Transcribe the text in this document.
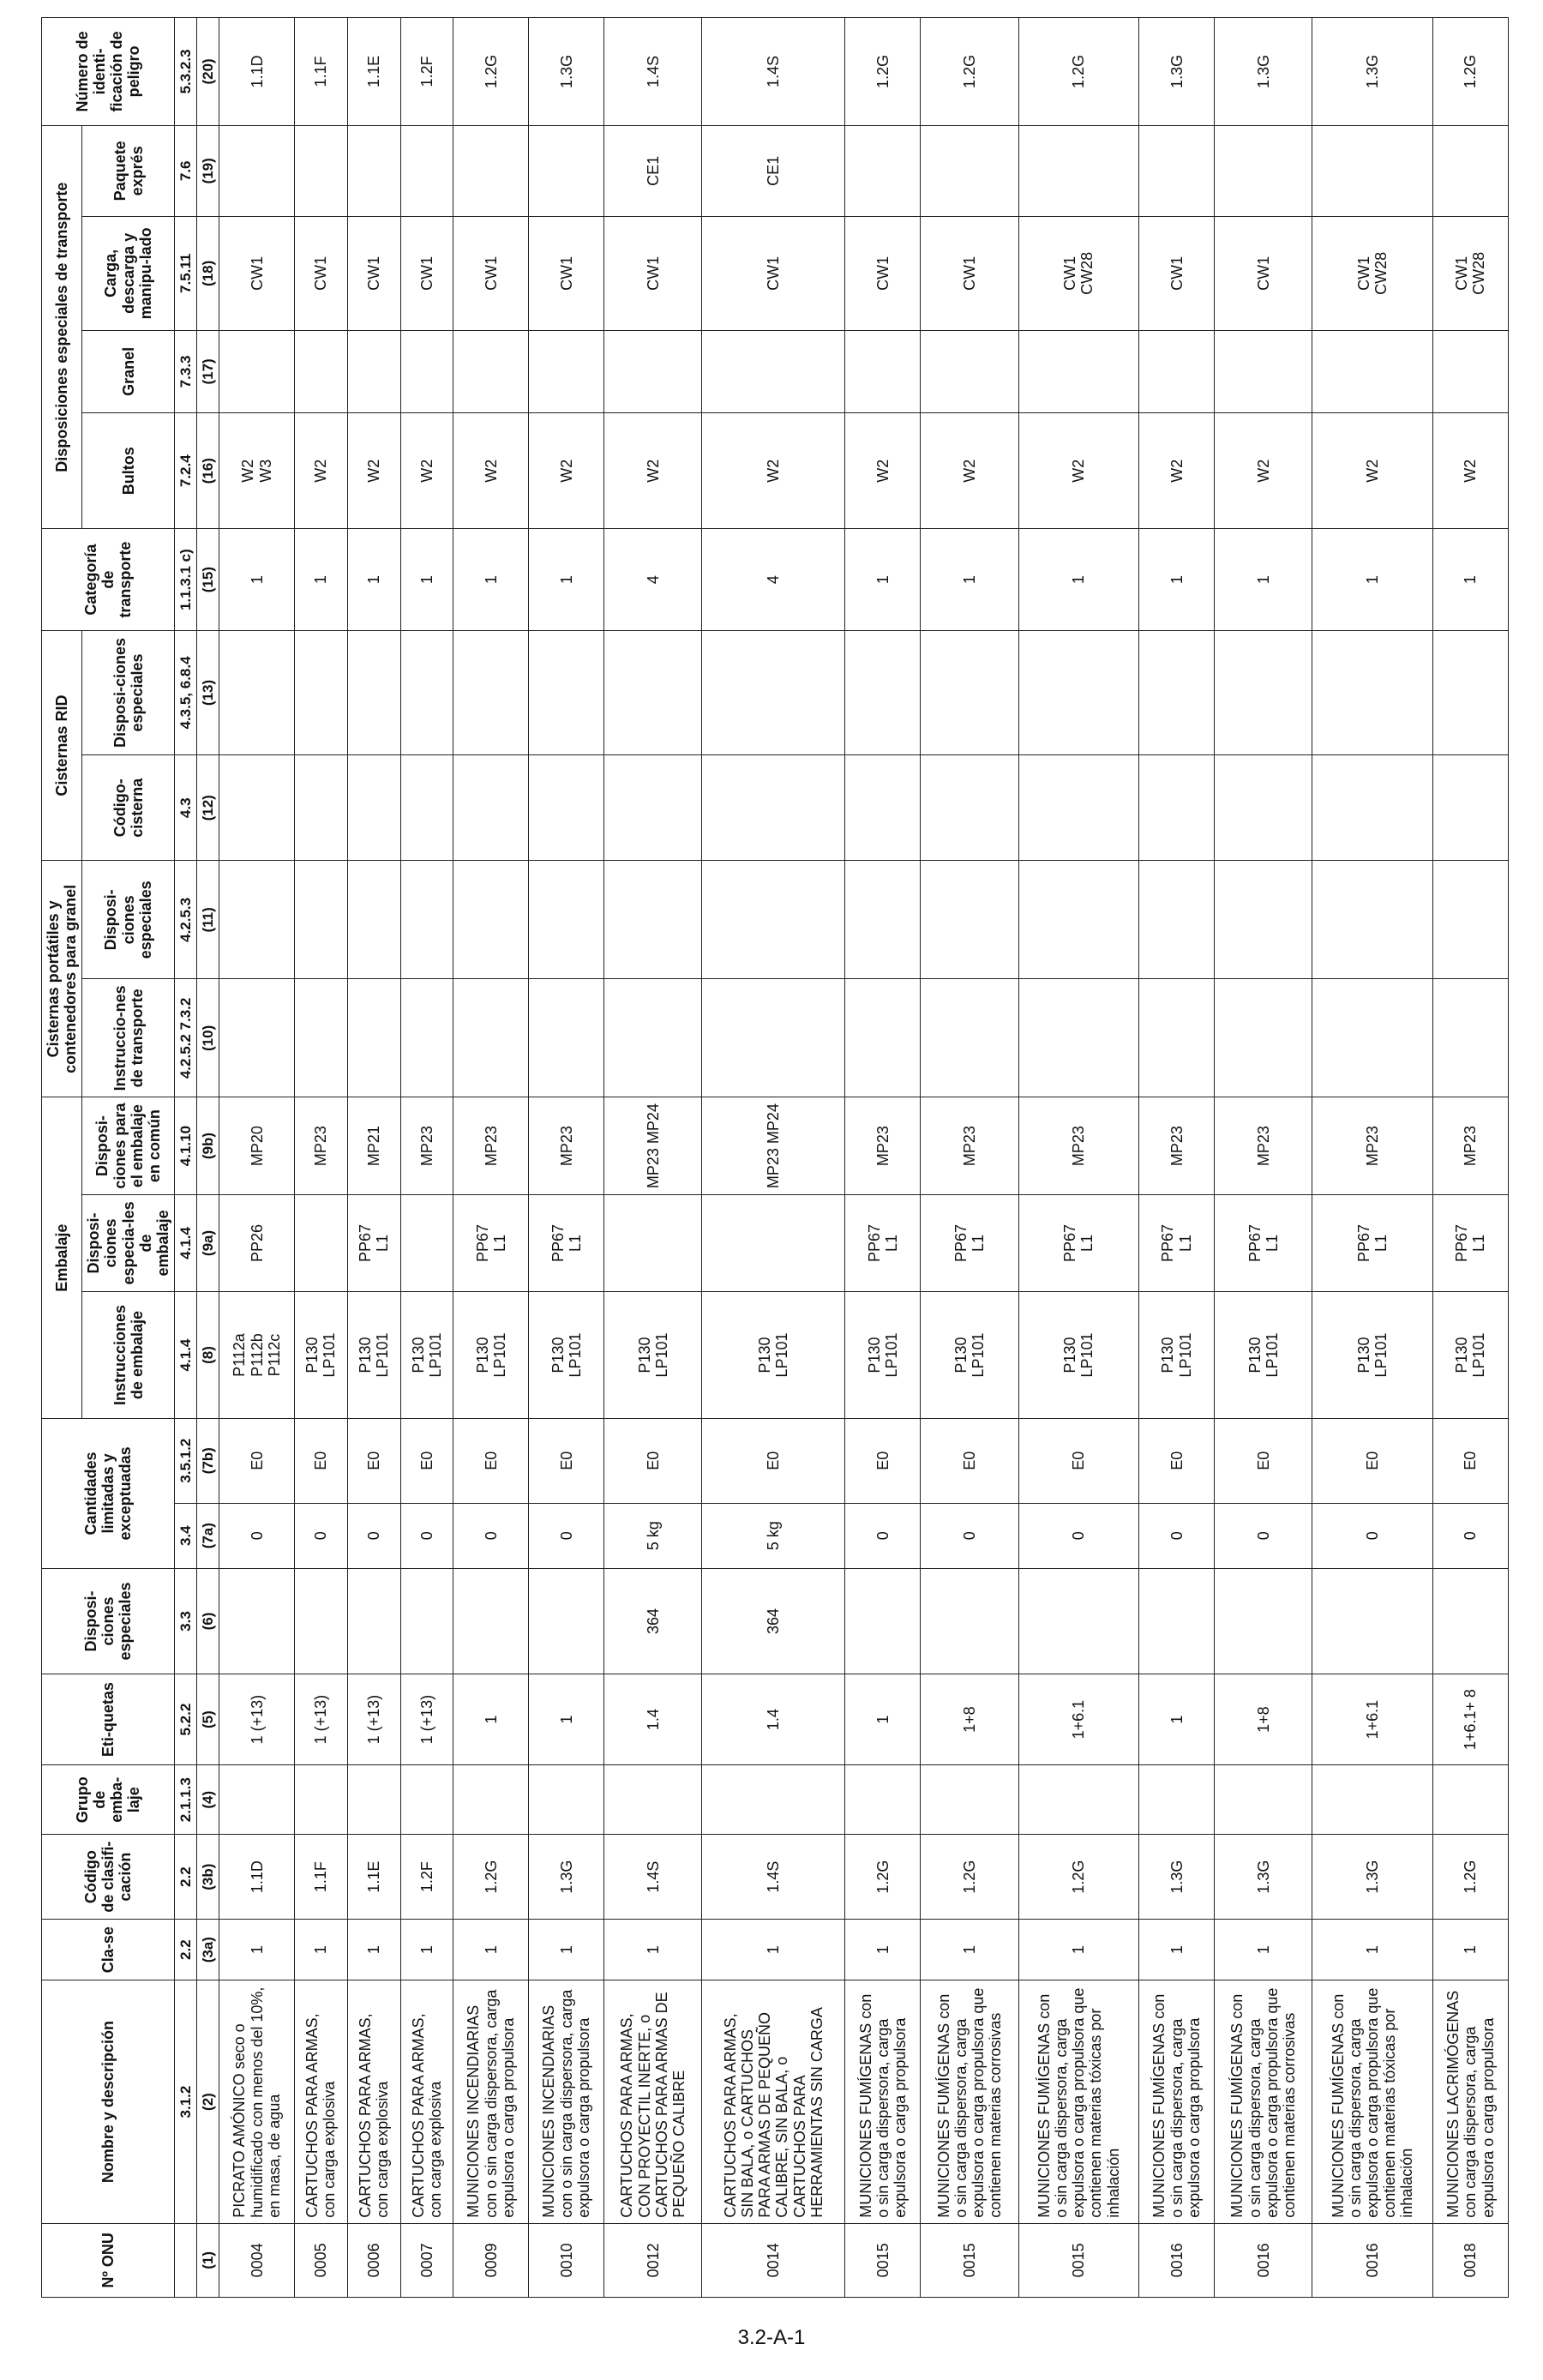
Nº ONU	Nombre y descripción	Cla-se	Código de clasifi-cación	Grupo de emba-laje	Eti-quetas	Disposi-ciones especiales	Cantidades limitadas y exceptuadas		Embalaje			Cisternas portátiles y contenedores para granel		Cisternas RID		Categoría de transporte	Disposiciones especiales de transporte				Número de identi-ficación de peligro
									Instrucciones de embalaje	Disposi-ciones especia-les de embalaje	Disposi-ciones para el embalaje en común	Instruccio-nes de transporte	Disposi-ciones especiales	Código-cisterna	Disposi-ciones especiales		Bultos	Granel	Carga, descarga y manipu-lado	Paquete exprés	
	3.1.2	2.2	2.2	2.1.1.3	5.2.2	3.3	3.4	3.5.1.2	4.1.4	4.1.4	4.1.10	4.2.5.2 7.3.2	4.2.5.3	4.3	4.3.5, 6.8.4	1.1.3.1 c)	7.2.4	7.3.3	7.5.11	7.6	5.3.2.3
(1)	(2)	(3a)	(3b)	(4)	(5)	(6)	(7a)	(7b)	(8)	(9a)	(9b)	(10)	(11)	(12)	(13)	(15)	(16)	(17)	(18)	(19)	(20)
0004	PICRATO AMÓNICO seco o humidificado con menos del 10%, en masa, de agua	1	1.1D		1 (+13)		0	E0	P112a P112b P112c	PP26	MP20					1	W2 W3		CW1		1.1D
0005	CARTUCHOS PARA ARMAS, con carga explosiva	1	1.1F		1 (+13)		0	E0	P130 LP101		MP23					1	W2		CW1		1.1F
0006	CARTUCHOS PARA ARMAS, con carga explosiva	1	1.1E		1 (+13)		0	E0	P130 LP101	PP67 L1	MP21					1	W2		CW1		1.1E
0007	CARTUCHOS PARA ARMAS, con carga explosiva	1	1.2F		1 (+13)		0	E0	P130 LP101		MP23					1	W2		CW1		1.2F
0009	MUNICIONES INCENDIARIAS con o sin carga dispersora, carga expulsora o carga propulsora	1	1.2G		1		0	E0	P130 LP101	PP67 L1	MP23					1	W2		CW1		1.2G
0010	MUNICIONES INCENDIARIAS con o sin carga dispersora, carga expulsora o carga propulsora	1	1.3G		1		0	E0	P130 LP101	PP67 L1	MP23					1	W2		CW1		1.3G
0012	CARTUCHOS PARA ARMAS, CON PROYECTIL INERTE, o CARTUCHOS PARA ARMAS DE PEQUEÑO CALIBRE	1	1.4S		1.4	364	5 kg	E0	P130 LP101		MP23 MP24					4	W2		CW1	CE1	1.4S
0014	CARTUCHOS PARA ARMAS, SIN BALA, o CARTUCHOS PARA ARMAS DE PEQUEÑO CALIBRE, SIN BALA, o CARTUCHOS PARA HERRAMIENTAS SIN CARGA	1	1.4S		1.4	364	5 kg	E0	P130 LP101		MP23 MP24					4	W2		CW1	CE1	1.4S
0015	MUNICIONES FUMÍGENAS con o sin carga dispersora, carga expulsora o carga propulsora	1	1.2G		1		0	E0	P130 LP101	PP67 L1	MP23					1	W2		CW1		1.2G
0015	MUNICIONES FUMÍGENAS con o sin carga dispersora, carga expulsora o carga propulsora que contienen materias corrosivas	1	1.2G		1+8		0	E0	P130 LP101	PP67 L1	MP23					1	W2		CW1		1.2G
0015	MUNICIONES FUMÍGENAS con o sin carga dispersora, carga expulsora o carga propulsora que contienen materias tóxicas por inhalación	1	1.2G		1+6.1		0	E0	P130 LP101	PP67 L1	MP23					1	W2		CW1 CW28		1.2G
0016	MUNICIONES FUMÍGENAS con o sin carga dispersora, carga expulsora o carga propulsora	1	1.3G		1		0	E0	P130 LP101	PP67 L1	MP23					1	W2		CW1		1.3G
0016	MUNICIONES FUMÍGENAS con o sin carga dispersora, carga expulsora o carga propulsora que contienen materias corrosivas	1	1.3G		1+8		0	E0	P130 LP101	PP67 L1	MP23					1	W2		CW1		1.3G
0016	MUNICIONES FUMÍGENAS con o sin carga dispersora, carga expulsora o carga propulsora que contienen materias tóxicas por inhalación	1	1.3G		1+6.1		0	E0	P130 LP101	PP67 L1	MP23					1	W2		CW1 CW28		1.3G
0018	MUNICIONES LACRIMÓGENAS con carga dispersora, carga expulsora o carga propulsora	1	1.2G		1+6.1+ 8		0	E0	P130 LP101	PP67 L1	MP23					1	W2		CW1 CW28		1.2G
3.2-A-1
